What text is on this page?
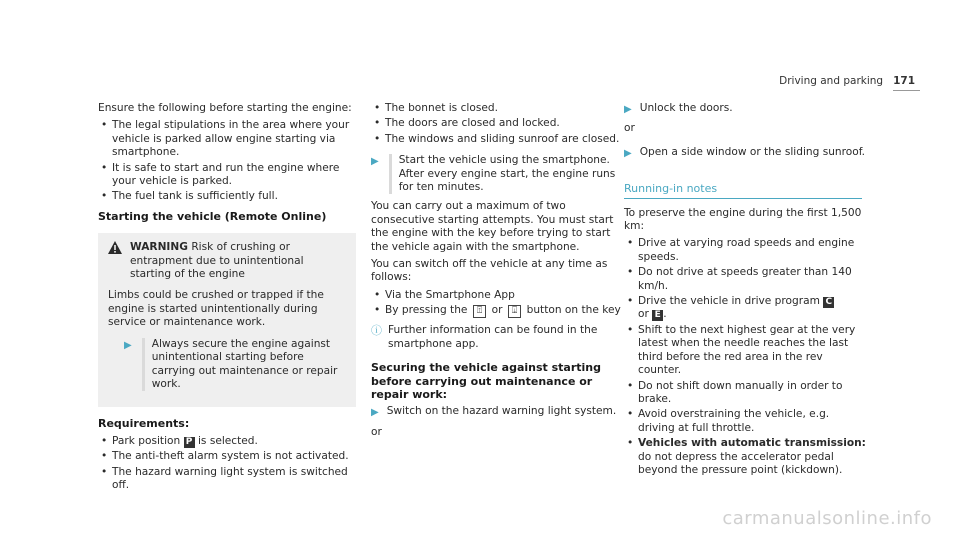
Driving and parking 171

Ensure the following before starting the engine:

• The legal stipulations in the area where your vehicle is parked allow engine starting via smartphone.
• It is safe to start and run the engine where your vehicle is parked.
• The fuel tank is sufficiently full.
Starting the vehicle (Remote Online)
WARNING Risk of crushing or entrapment due to unintentional starting of the engine
Limbs could be crushed or trapped if the engine is started unintentionally during service or maintenance work.
▶	Always secure the engine against unintentional starting before carrying out maintenance or repair work.
Requirements:
• Park position P is selected.
• The anti-theft alarm system is not activated.
• The hazard warning light system is switched off.
• The bonnet is closed.
• The doors are closed and locked.
• The windows and sliding sunroof are closed.
▶	Start the vehicle using the smartphone. After every engine start, the engine runs for ten minutes.

You can carry out a maximum of two consecutive starting attempts. You must start the engine with the key before trying to start the vehicle again with the smartphone.

You can switch off the vehicle at any time as follows:

• Via the Smartphone App
• By pressing the ⍐ or ⍗ button on the key
ⓘ Further information can be found in the smartphone app.
Securing the vehicle against starting before carrying out maintenance or repair work:
▶ Switch on the hazard warning light system.

or

▶ Unlock the doors.

or

▶ Open a side window or the sliding sunroof.
Running-in notes

To preserve the engine during the first 1,500 km:

• Drive at varying road speeds and engine speeds.
• Do not drive at speeds greater than 140 km/h.
• Drive the vehicle in drive program C
or E .
• Shift to the next highest gear at the very latest when the needle reaches the last third before the red area in the rev counter.
• Do not shift down manually in order to brake.
• Avoid overstraining the vehicle, e.g. driving at full throttle.
• Vehicles with automatic transmission: do not depress the accelerator pedal beyond the pressure point (kickdown).
carmanualsonline.info
